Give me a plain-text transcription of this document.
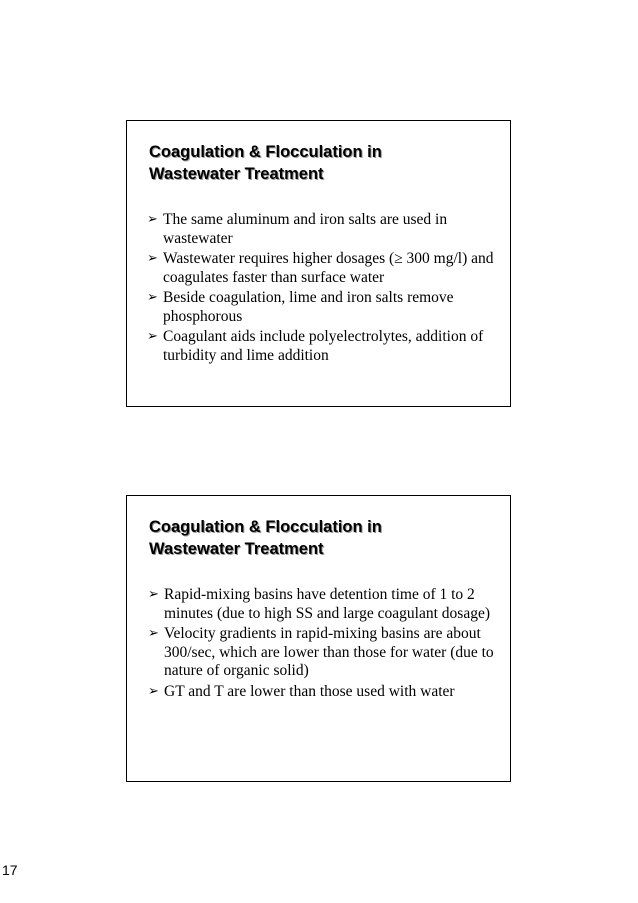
Coagulation & Flocculation in
Wastewater Treatment
➢ The same aluminum and iron salts are used in wastewater
➢ Wastewater requires higher dosages (≥ 300 mg/l) and coagulates faster than surface water
➢ Beside coagulation, lime and iron salts remove phosphorous
➢ Coagulant aids include polyelectrolytes, addition of turbidity and lime addition
Coagulation & Flocculation in
Wastewater Treatment
➢ Rapid-mixing basins have detention time of 1 to 2 minutes (due to high SS and large coagulant dosage)
➢ Velocity gradients in rapid-mixing basins are about 300/sec, which are lower than those for water (due to nature of organic solid)
➢ GT and T are lower than those used with water
17
